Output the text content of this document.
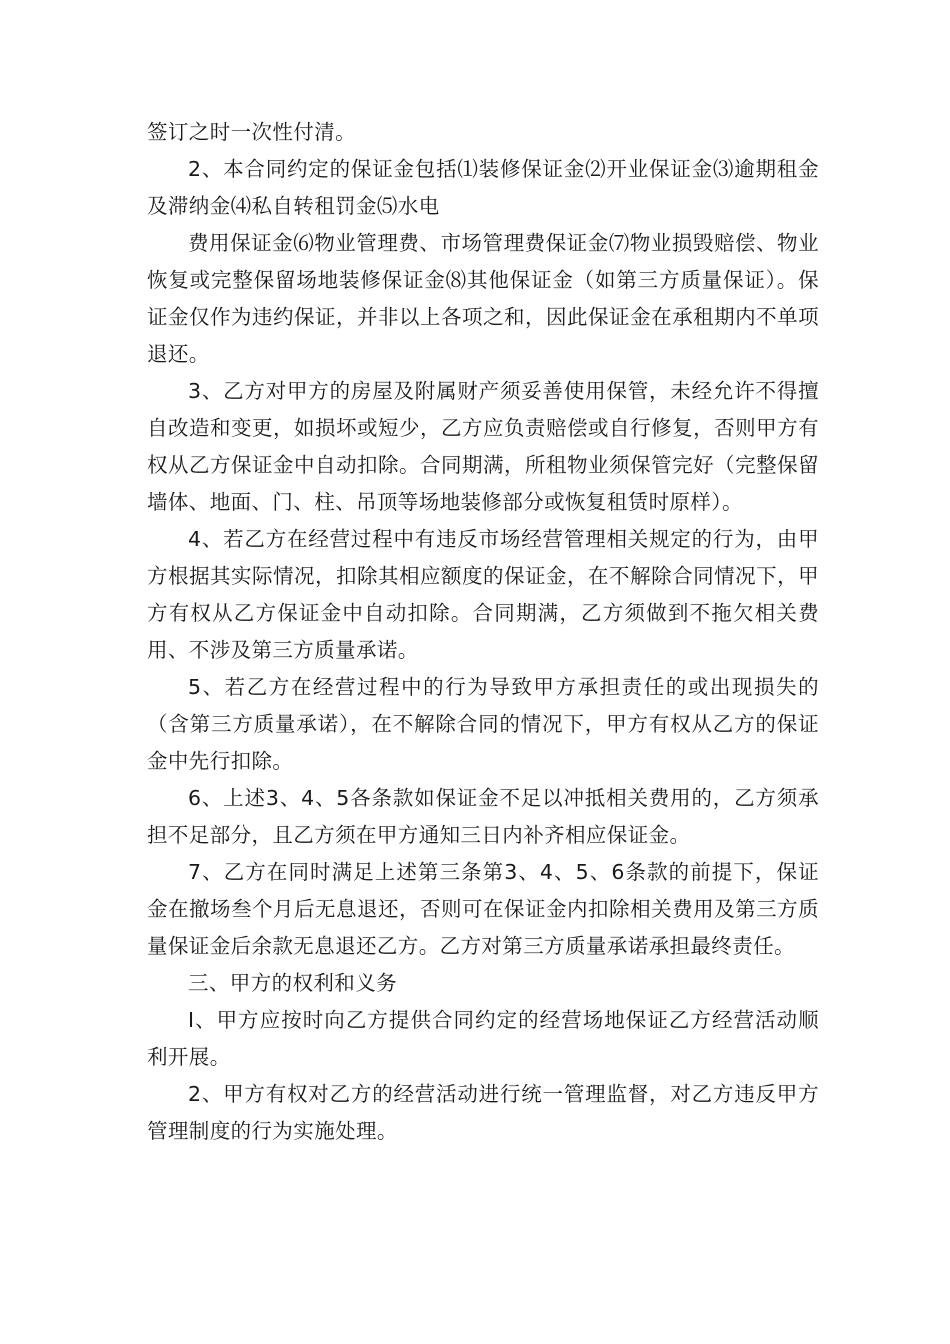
签订之时一次性付清。

2、本合同约定的保证金包括⑴装修保证金⑵开业保证金⑶逾期租金及滞纳金⑷私自转租罚金⑸水电

费用保证金⑹物业管理费、市场管理费保证金⑺物业损毁赔偿、物业恢复或完整保留场地装修保证金⑻其他保证金（如第三方质量保证）。保证金仅作为违约保证，并非以上各项之和，因此保证金在承租期内不单项退还。

3、乙方对甲方的房屋及附属财产须妥善使用保管，未经允许不得擅自改造和变更，如损坏或短少，乙方应负责赔偿或自行修复，否则甲方有权从乙方保证金中自动扣除。合同期满，所租物业须保管完好（完整保留墙体、地面、门、柱、吊顶等场地装修部分或恢复租赁时原样）。

4、若乙方在经营过程中有违反市场经营管理相关规定的行为，由甲方根据其实际情况，扣除其相应额度的保证金，在不解除合同情况下，甲方有权从乙方保证金中自动扣除。合同期满，乙方须做到不拖欠相关费用、不涉及第三方质量承诺。

5、若乙方在经营过程中的行为导致甲方承担责任的或出现损失的（含第三方质量承诺），在不解除合同的情况下，甲方有权从乙方的保证金中先行扣除。

6、上述3、4、5各条款如保证金不足以冲抵相关费用的，乙方须承担不足部分，且乙方须在甲方通知三日内补齐相应保证金。

7、乙方在同时满足上述第三条第3、4、5、6条款的前提下，保证金在撤场叁个月后无息退还，否则可在保证金内扣除相关费用及第三方质量保证金后余款无息退还乙方。乙方对第三方质量承诺承担最终责任。

三、甲方的权利和义务

I、甲方应按时向乙方提供合同约定的经营场地保证乙方经营活动顺利开展。

2、甲方有权对乙方的经营活动进行统一管理监督，对乙方违反甲方管理制度的行为实施处理。
